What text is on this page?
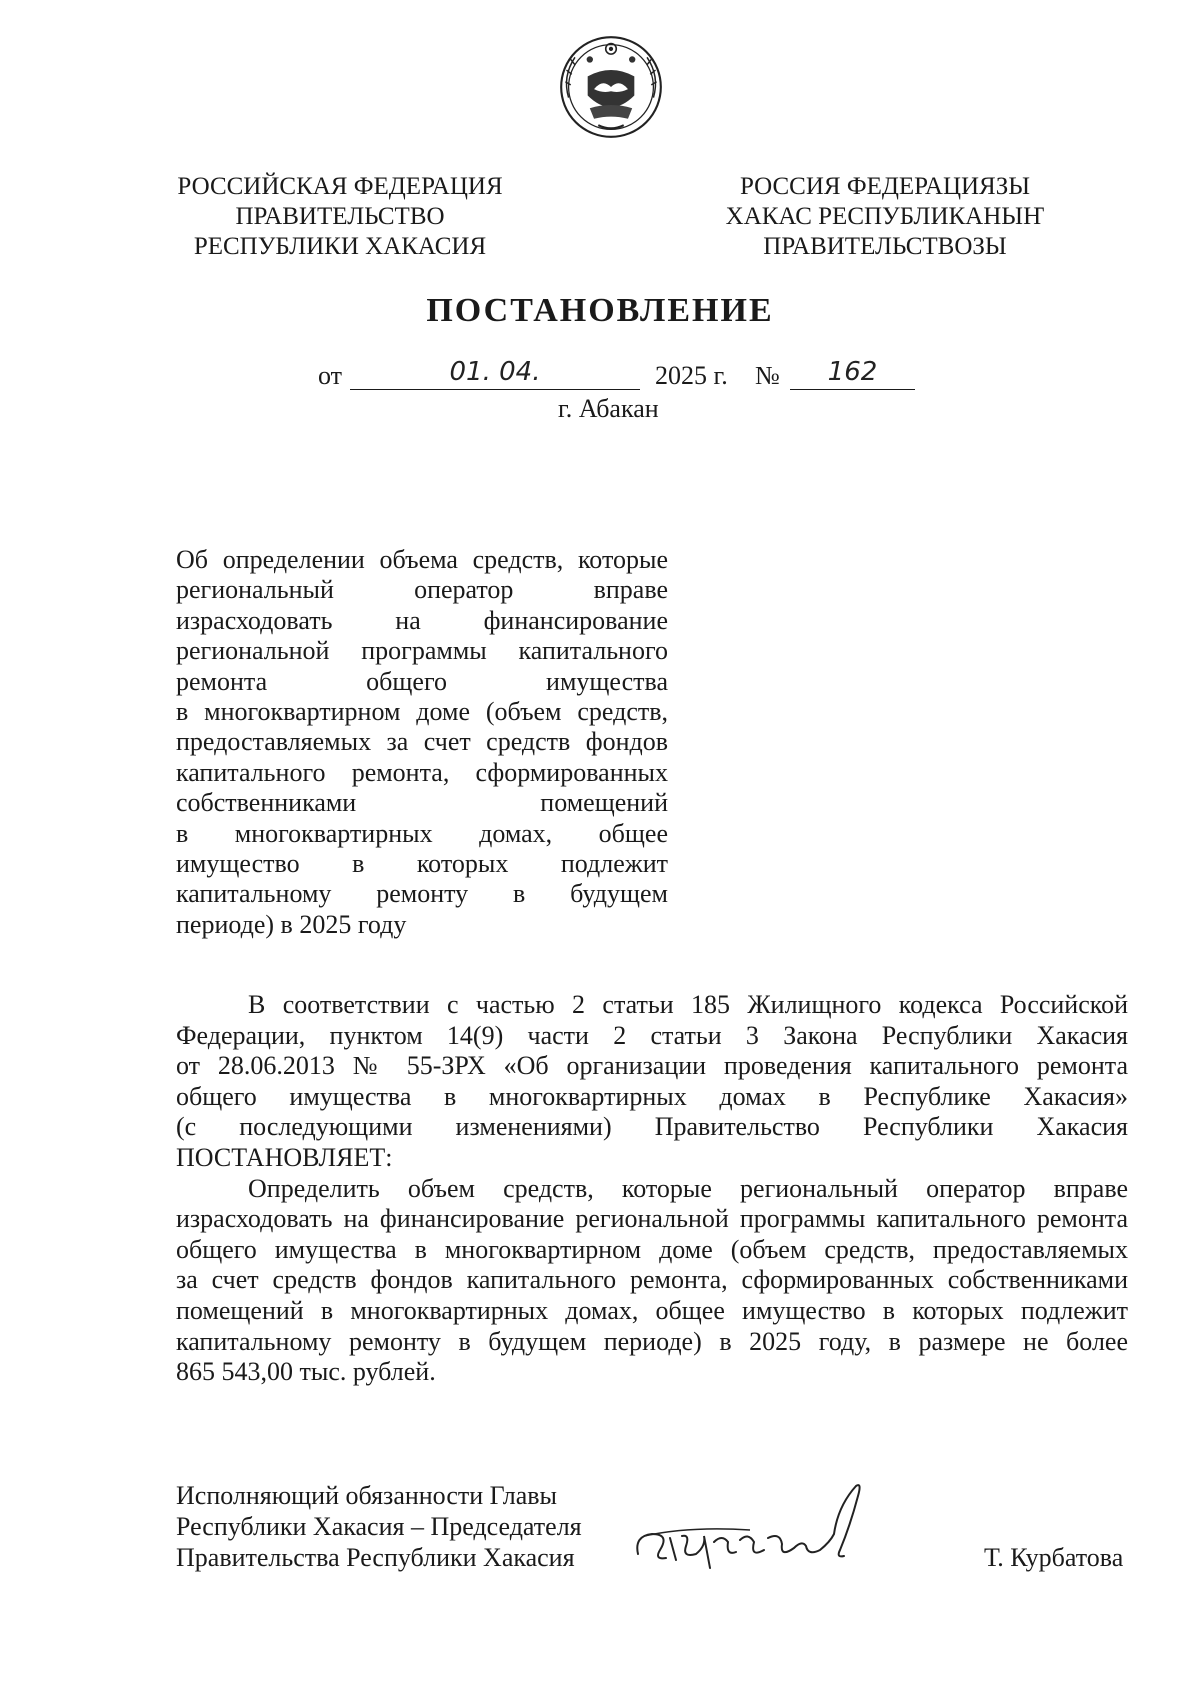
РОССИЙСКАЯ ФЕДЕРАЦИЯ
ПРАВИТЕЛЬСТВО
РЕСПУБЛИКИ ХАКАСИЯ
РОССИЯ ФЕДЕРАЦИЯЗЫ
ХАКАС РЕСПУБЛИКАНЫҤ
ПРАВИТЕЛЬСТВОЗЫ
ПОСТАНОВЛЕНИЕ
от	01. 04.	2025 г. №	162
г. Абакан
Об определении объема средств, которые
региональный оператор вправе
израсходовать на финансирование
региональной программы капитального
ремонта общего имущества
в многоквартирном доме (объем средств,
предоставляемых за счет средств фондов
капитального ремонта, сформированных
собственниками помещений
в многоквартирных домах, общее
имущество в которых подлежит
капитальному ремонту в будущем
периоде) в 2025 году
В соответствии с частью 2 статьи 185 Жилищного кодекса Российской
Федерации, пунктом 14(9) части 2 статьи 3 Закона Республики Хакасия
от 28.06.2013 № 55-ЗРХ «Об организации проведения капитального ремонта
общего имущества в многоквартирных домах в Республике Хакасия»
(с последующими изменениями) Правительство Республики Хакасия
ПОСТАНОВЛЯЕТ:
Определить объем средств, которые региональный оператор вправе
израсходовать на финансирование региональной программы капитального ремонта
общего имущества в многоквартирном доме (объем средств, предоставляемых
за счет средств фондов капитального ремонта, сформированных собственниками
помещений в многоквартирных домах, общее имущество в которых подлежит
капитальному ремонту в будущем периоде) в 2025 году, в размере не более
865 543,00 тыс. рублей.
Исполняющий обязанности Главы
Республики Хакасия – Председателя
Правительства Республики Хакасия	Т. Курбатова
